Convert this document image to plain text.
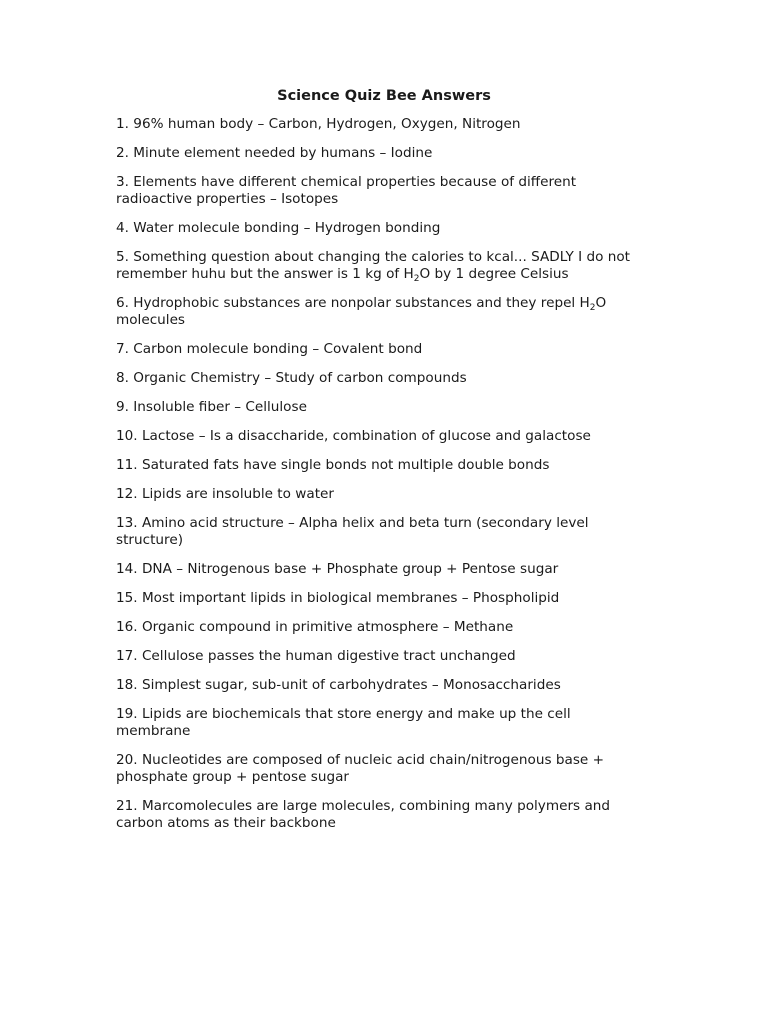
Science Quiz Bee Answers
1. 96% human body – Carbon, Hydrogen, Oxygen, Nitrogen
2. Minute element needed by humans – Iodine
3. Elements have different chemical properties because of different radioactive properties – Isotopes
4. Water molecule bonding – Hydrogen bonding
5. Something question about changing the calories to kcal... SADLY I do not remember huhu but the answer is 1 kg of $H_2O$ by 1 degree Celsius
6. Hydrophobic substances are nonpolar substances and they repel $H_2O$ molecules
7. Carbon molecule bonding – Covalent bond
8. Organic Chemistry – Study of carbon compounds
9. Insoluble fiber – Cellulose
10. Lactose – Is a disaccharide, combination of glucose and galactose
11. Saturated fats have single bonds not multiple double bonds
12. Lipids are insoluble to water
13. Amino acid structure – Alpha helix and beta turn (secondary level structure)
14. DNA – Nitrogenous base + Phosphate group + Pentose sugar
15. Most important lipids in biological membranes – Phospholipid
16. Organic compound in primitive atmosphere – Methane
17. Cellulose passes the human digestive tract unchanged
18. Simplest sugar, sub-unit of carbohydrates – Monosaccharides
19. Lipids are biochemicals that store energy and make up the cell membrane
20. Nucleotides are composed of nucleic acid chain/nitrogenous base + phosphate group + pentose sugar
21. Marcomolecules are large molecules, combining many polymers and carbon atoms as their backbone
